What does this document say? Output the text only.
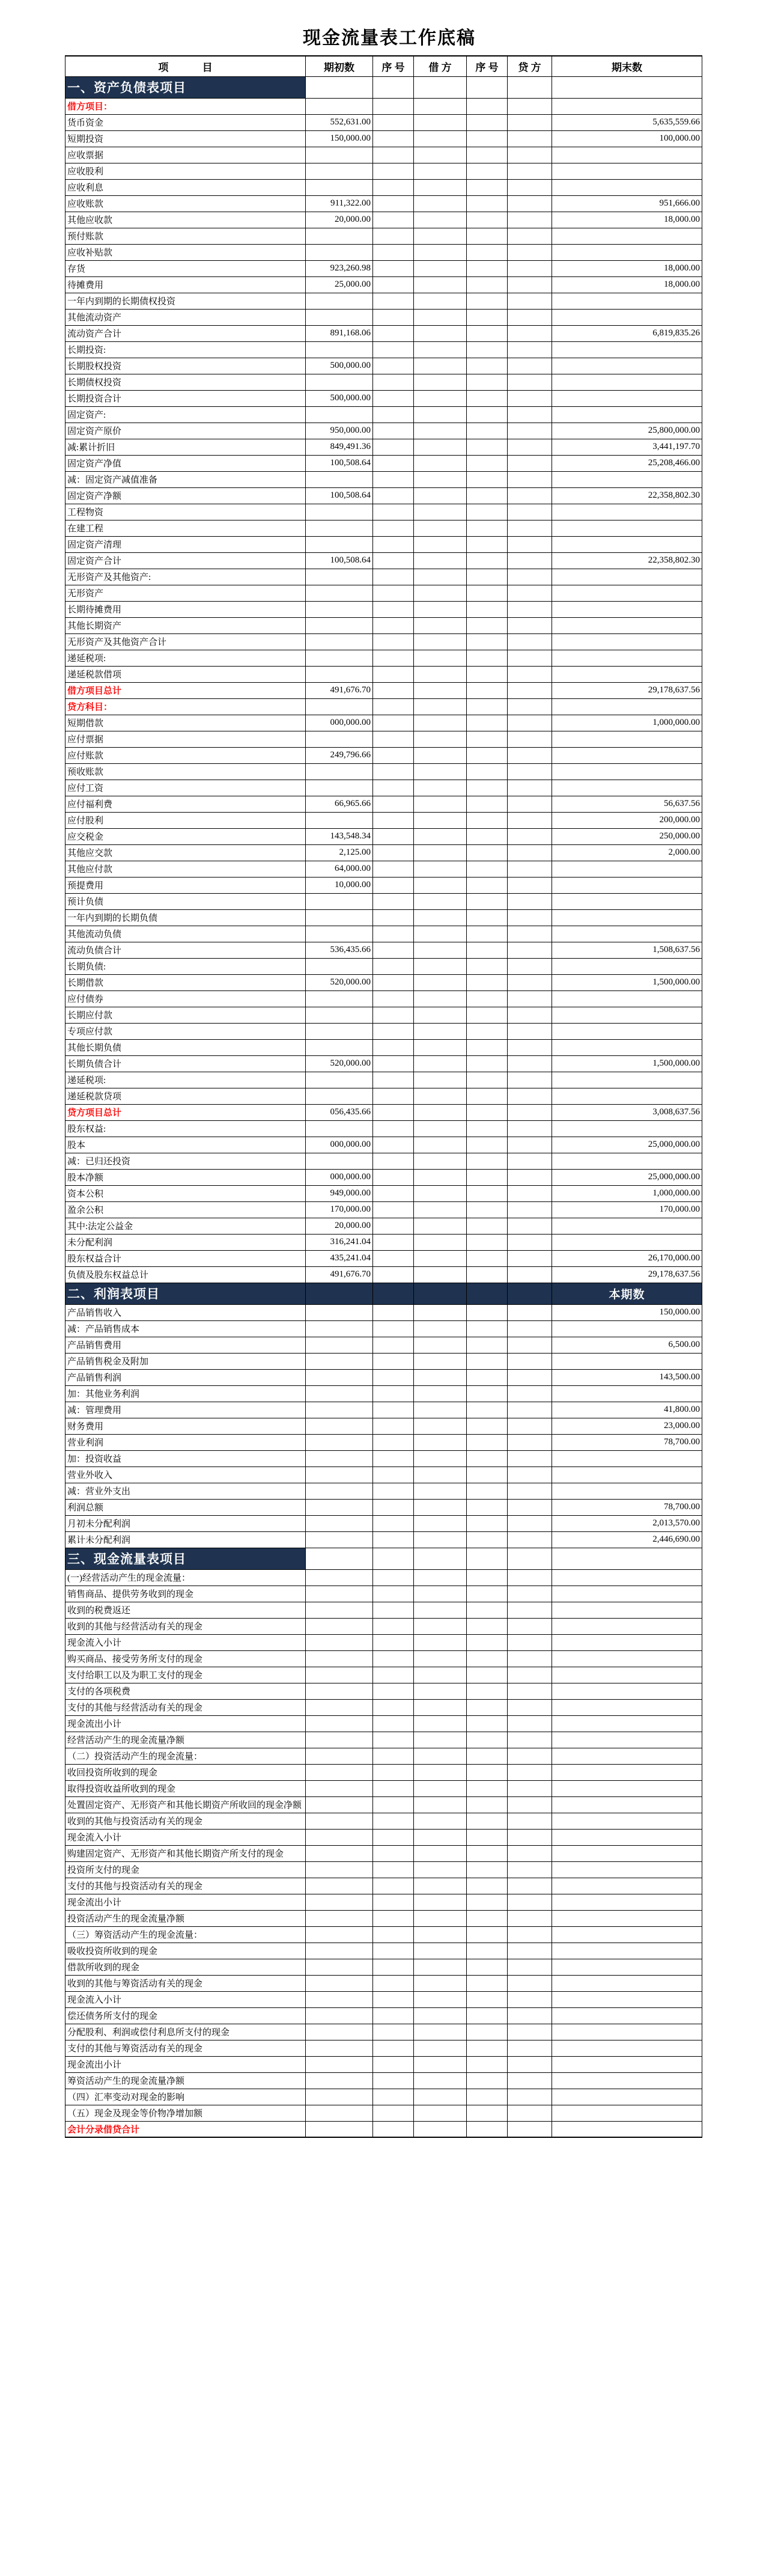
现金流量表工作底稿
项 目	期初数	序 号	借 方	序 号	贷 方	期末数
一、资产负债表项目						
借方项目：						
货币资金	552,631.00					5,635,559.66
短期投资	150,000.00					100,000.00
应收票据						
应收股利						
应收利息						
应收账款	911,322.00					951,666.00
其他应收款	20,000.00					18,000.00
预付账款						
应收补贴款						
存货	923,260.98					18,000.00
待摊费用	25,000.00					18,000.00
一年内到期的长期债权投资						
其他流动资产						
流动资产合计	891,168.06					6,819,835.26
长期投资:						
长期股权投资	500,000.00					
长期债权投资						
长期投资合计	500,000.00					
固定资产:						
固定资产原价	950,000.00					25,800,000.00
减:累计折旧	849,491.36					3,441,197.70
固定资产净值	100,508.64					25,208,466.00
减：固定资产减值准备						
固定资产净额	100,508.64					22,358,802.30
工程物资						
在建工程						
固定资产清理						
固定资产合计	100,508.64					22,358,802.30
无形资产及其他资产:						
无形资产						
长期待摊费用						
其他长期资产						
无形资产及其他资产合计						
递延税项:						
递延税款借项						
借方项目总计	491,676.70					29,178,637.56
贷方科目：						
短期借款	000,000.00					1,000,000.00
应付票据						
应付账款	249,796.66					
预收账款						
应付工资						
应付福利费	66,965.66					56,637.56
应付股利						200,000.00
应交税金	143,548.34					250,000.00
其他应交款	2,125.00					2,000.00
其他应付款	64,000.00					
预提费用	10,000.00					
预计负债						
一年内到期的长期负债						
其他流动负债						
流动负债合计	536,435.66					1,508,637.56
长期负债:						
长期借款	520,000.00					1,500,000.00
应付债券						
长期应付款						
专项应付款						
其他长期负债						
长期负债合计	520,000.00					1,500,000.00
递延税项:						
递延税款贷项						
贷方项目总计	056,435.66					3,008,637.56
股东权益:						
股本	000,000.00					25,000,000.00
减：已归还投资						
股本净额	000,000.00					25,000,000.00
资本公积	949,000.00					1,000,000.00
盈余公积	170,000.00					170,000.00
其中:法定公益金	20,000.00					
未分配利润	316,241.04					
股东权益合计	435,241.04					26,170,000.00
负债及股东权益总计	491,676.70					29,178,637.56
二、利润表项目						本期数
产品销售收入						150,000.00
减：产品销售成本						
产品销售费用						6,500.00
产品销售税金及附加						
产品销售利润						143,500.00
加：其他业务利润						
减：管理费用						41,800.00
财务费用						23,000.00
营业利润						78,700.00
加：投资收益						
营业外收入						
减：营业外支出						
利润总额						78,700.00
月初未分配利润						2,013,570.00
累计未分配利润						2,446,690.00
三、现金流量表项目						
(一)经营活动产生的现金流量：						
销售商品、提供劳务收到的现金						
收到的税费返还						
收到的其他与经营活动有关的现金						
现金流入小计						
购买商品、接受劳务所支付的现金						
支付给职工以及为职工支付的现金						
支付的各项税费						
支付的其他与经营活动有关的现金						
现金流出小计						
经营活动产生的现金流量净额						
（二）投资活动产生的现金流量：						
收回投资所收到的现金						
取得投资收益所收到的现金						
处置固定资产、无形资产和其他长期资产所收回的现金净额						
收到的其他与投资活动有关的现金						
现金流入小计						
购建固定资产、无形资产和其他长期资产所支付的现金						
投资所支付的现金						
支付的其他与投资活动有关的现金						
现金流出小计						
投资活动产生的现金流量净额						
（三）筹资活动产生的现金流量：						
吸收投资所收到的现金						
借款所收到的现金						
收到的其他与筹资活动有关的现金						
现金流入小计						
偿还债务所支付的现金						
分配股利、利润或偿付利息所支付的现金						
支付的其他与筹资活动有关的现金						
现金流出小计						
筹资活动产生的现金流量净额						
（四）汇率变动对现金的影响						
（五）现金及现金等价物净增加额						
会计分录借贷合计						
